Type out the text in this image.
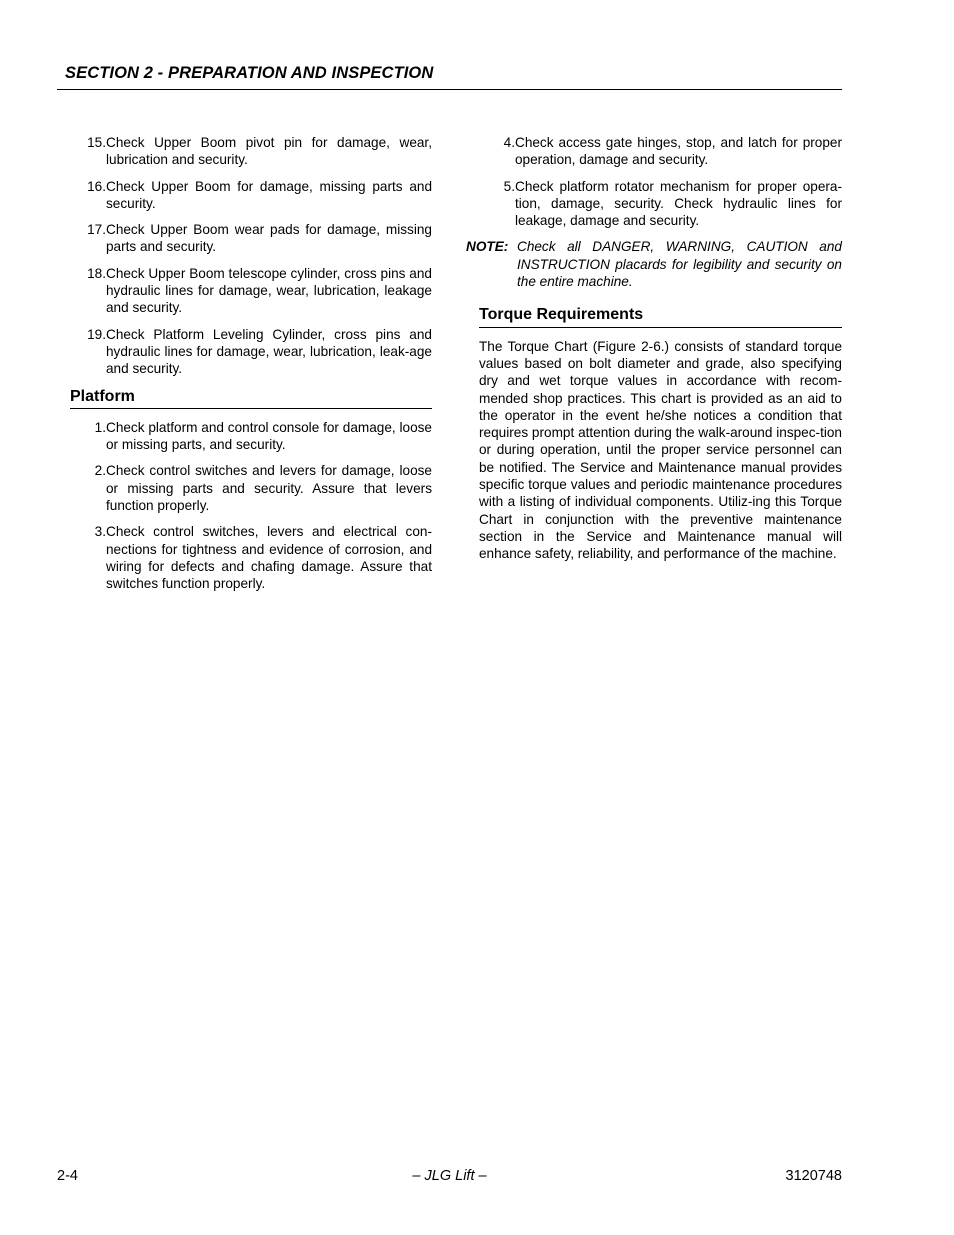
SECTION 2 - PREPARATION AND INSPECTION
15. Check Upper Boom pivot pin for damage, wear, lubrication and security.
16. Check Upper Boom for damage, missing parts and security.
17. Check Upper Boom wear pads for damage, missing parts and security.
18. Check Upper Boom telescope cylinder, cross pins and hydraulic lines for damage, wear, lubrication, leakage and security.
19. Check Platform Leveling Cylinder, cross pins and hydraulic lines for damage, wear, lubrication, leak-age and security.
Platform
1. Check platform and control console for damage, loose or missing parts, and security.
2. Check control switches and levers for damage, loose or missing parts and security. Assure that levers function properly.
3. Check control switches, levers and electrical con-nections for tightness and evidence of corrosion, and wiring for defects and chafing damage. Assure that switches function properly.
4. Check access gate hinges, stop, and latch for proper operation, damage and security.
5. Check platform rotator mechanism for proper opera-tion, damage, security. Check hydraulic lines for leakage, damage and security.
NOTE: Check all DANGER, WARNING, CAUTION and INSTRUCTION placards for legibility and security on the entire machine.
Torque Requirements

The Torque Chart (Figure 2-6.) consists of standard torque values based on bolt diameter and grade, also specifying dry and wet torque values in accordance with recom-mended shop practices. This chart is provided as an aid to the operator in the event he/she notices a condition that requires prompt attention during the walk-around inspec-tion or during operation, until the proper service personnel can be notified. The Service and Maintenance manual provides specific torque values and periodic maintenance procedures with a listing of individual components. Utiliz-ing this Torque Chart in conjunction with the preventive maintenance section in the Service and Maintenance manual will enhance safety, reliability, and performance of the machine.

2-4	– JLG Lift –	3120748
